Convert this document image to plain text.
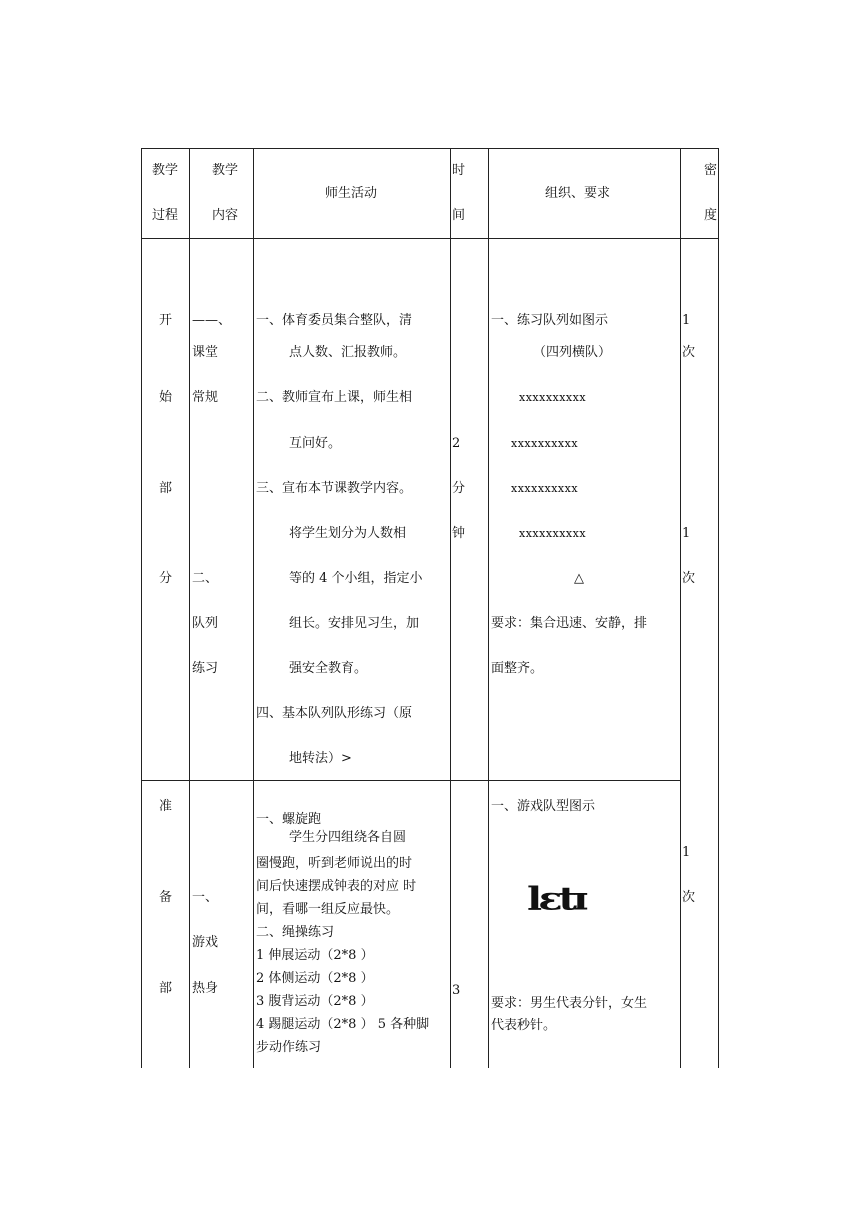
教学
过程
教学
内容
师生活动
时
间
组织、要求
密
度
开
始
部
分
——、
课堂
常规
二、
队列
练习
一、体育委员集合整队，清
点人数、汇报教师。
二、教师宣布上课，师生相
互问好。
三、宣布本节课教学内容。
将学生划分为人数相
等的 4 个小组，指定小
组长。安排见习生，加
强安全教育。
四、基本队列队形练习（原
地转法）>
2
分
钟
一、练习队列如图示
（四列横队）
xxxxxxxxxx
xxxxxxxxxx
xxxxxxxxxx
xxxxxxxxxx
△
要求：集合迅速、安静，排
面整齐。
1
次
1
次
准
备
部
一、
游戏
热身
一、螺旋跑
学生分四组绕各自圆
圈慢跑，听到老师说出的时
间后快速摆成钟表的对应 时
间，看哪一组反应最快。
二、绳操练习
1 伸展运动（2*8 ）
2 体侧运动（2*8 ）
3 腹背运动（2*8 ）
4 踢腿运动（2*8 ） 5 各种脚
步动作练习
3
一、游戏队型图示
lɛtɪ
要求：男生代表分针，女生
代表秒针。
1
次
